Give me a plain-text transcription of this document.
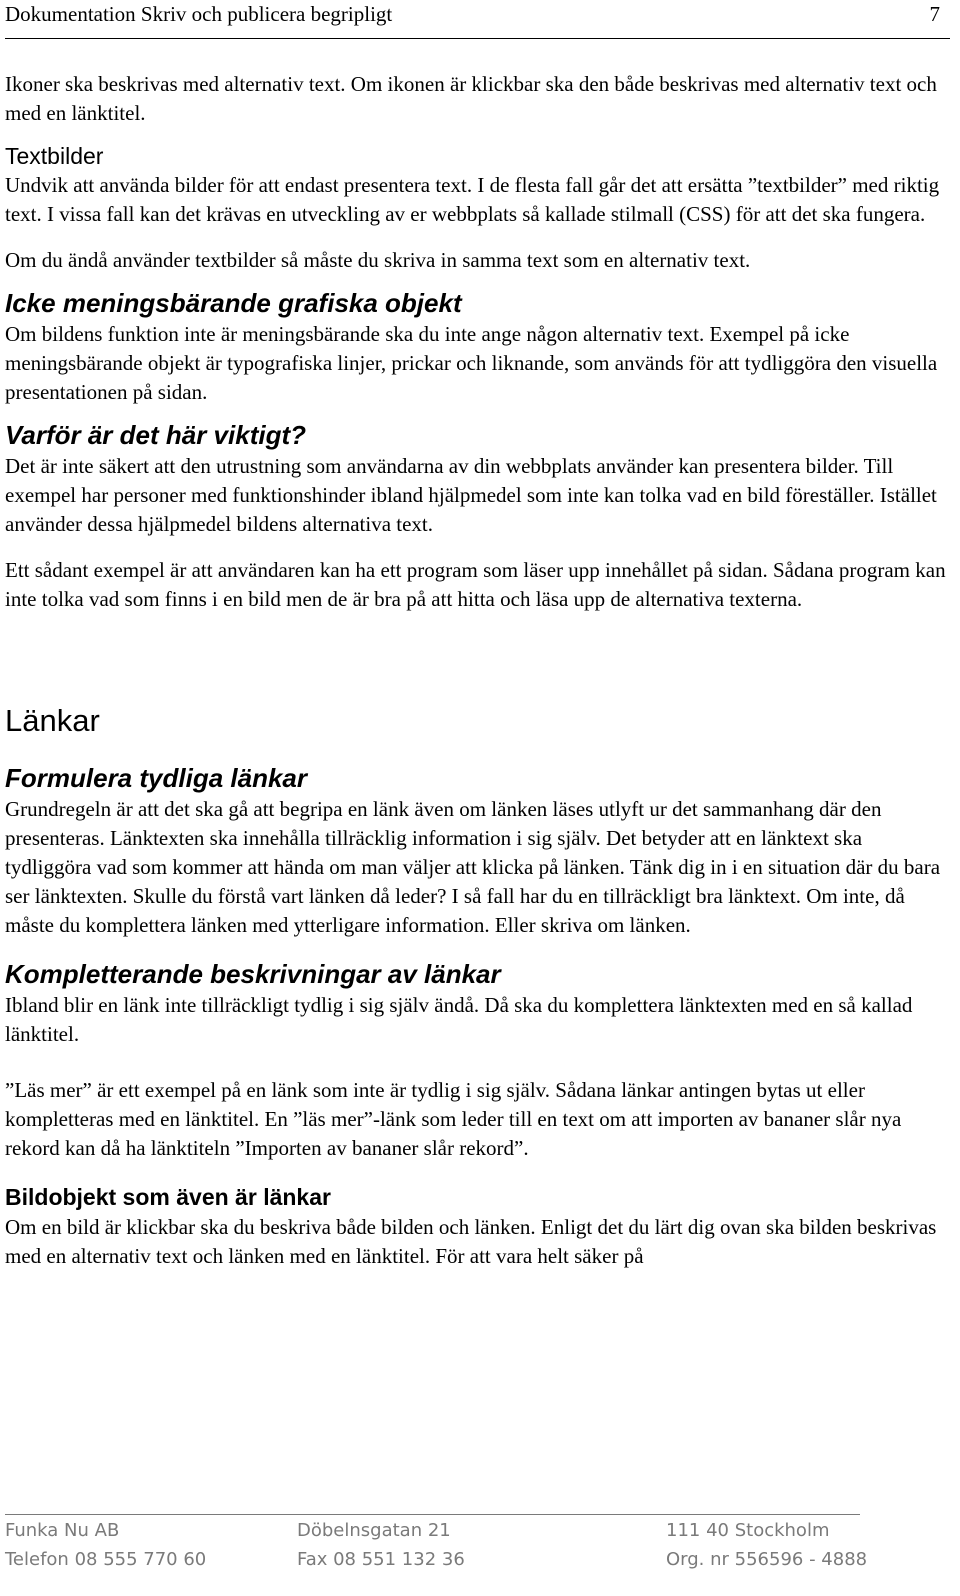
Dokumentation Skriv och publicera begripligt	7

Ikoner ska beskrivas med alternativ text. Om ikonen är klickbar ska den både beskrivas med alternativ text och med en länktitel.

Textbilder

Undvik att använda bilder för att endast presentera text. I de flesta fall går det att ersätta ”textbilder” med riktig text. I vissa fall kan det krävas en utveckling av er webbplats så kallade stilmall (CSS) för att det ska fungera.

Om du ändå använder textbilder så måste du skriva in samma text som en alternativ text.

Icke meningsbärande grafiska objekt

Om bildens funktion inte är meningsbärande ska du inte ange någon alternativ text. Exempel på icke meningsbärande objekt är typografiska linjer, prickar och liknande, som används för att tydliggöra den visuella presentationen på sidan.

Varför är det här viktigt?

Det är inte säkert att den utrustning som användarna av din webbplats använder kan presentera bilder. Till exempel har personer med funktionshinder ibland hjälpmedel som inte kan tolka vad en bild föreställer. Istället använder dessa hjälpmedel bildens alternativa text.

Ett sådant exempel är att användaren kan ha ett program som läser upp innehållet på sidan. Sådana program kan inte tolka vad som finns i en bild men de är bra på att hitta och läsa upp de alternativa texterna.

Länkar
Formulera tydliga länkar

Grundregeln är att det ska gå att begripa en länk även om länken läses utlyft ur det sammanhang där den presenteras. Länktexten ska innehålla tillräcklig information i sig själv. Det betyder att en länktext ska tydliggöra vad som kommer att hända om man väljer att klicka på länken. Tänk dig in i en situation där du bara ser länktexten. Skulle du förstå vart länken då leder? I så fall har du en tillräckligt bra länktext. Om inte, då måste du komplettera länken med ytterligare information. Eller skriva om länken.

Kompletterande beskrivningar av länkar

Ibland blir en länk inte tillräckligt tydlig i sig själv ändå. Då ska du komplettera länktexten med en så kallad länktitel.

”Läs mer” är ett exempel på en länk som inte är tydlig i sig själv. Sådana länkar antingen bytas ut eller kompletteras med en länktitel. En ”läs mer”-länk som leder till en text om att importen av bananer slår nya rekord kan då ha länktiteln ”Importen av bananer slår rekord”.

Bildobjekt som även är länkar

Om en bild är klickbar ska du beskriva både bilden och länken. Enligt det du lärt dig ovan ska bilden beskrivas med en alternativ text och länken med en länktitel. För att vara helt säker på

Funka Nu AB	Döbelnsgatan 21	111 40 Stockholm
Telefon 08 555 770 60	Fax 08 551 132 36	Org. nr 556596 - 4888
